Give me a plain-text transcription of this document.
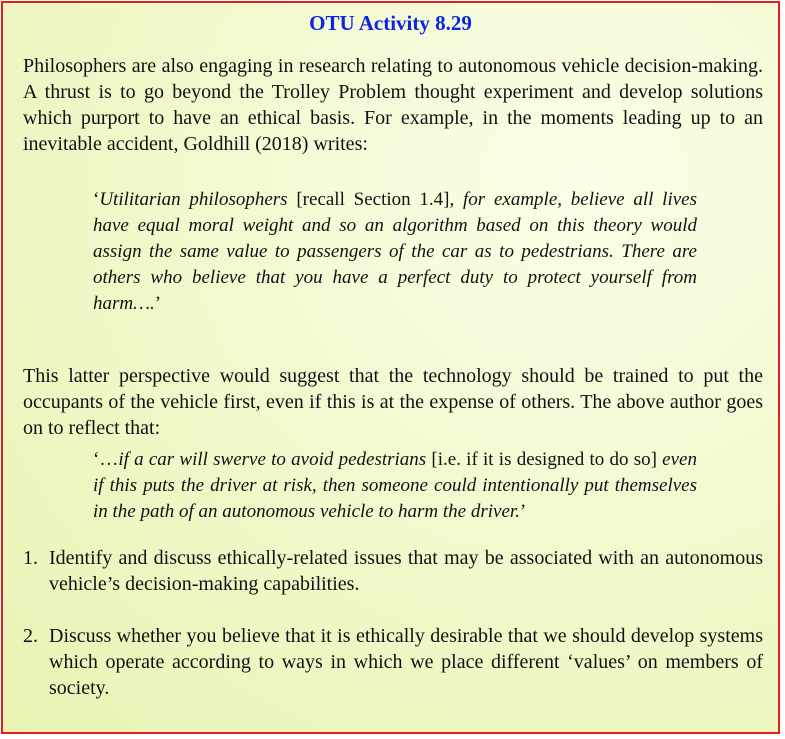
OTU Activity 8.29

Philosophers are also engaging in research relating to autonomous vehicle decision-making. A thrust is to go beyond the Trolley Problem thought experiment and develop solutions which purport to have an ethical basis. For example, in the moments leading up to an inevitable accident, Goldhill (2018) writes:

‘Utilitarian philosophers [recall Section 1.4], for example, believe all lives have equal moral weight and so an algorithm based on this theory would assign the same value to passengers of the car as to pedestrians. There are others who believe that you have a perfect duty to protect yourself from harm….’

This latter perspective would suggest that the technology should be trained to put the occupants of the vehicle first, even if this is at the expense of others. The above author goes on to reflect that:

‘…if a car will swerve to avoid pedestrians [i.e. if it is designed to do so] even if this puts the driver at risk, then someone could intentionally put themselves in the path of an autonomous vehicle to harm the driver.’

1. Identify and discuss ethically-related issues that may be associated with an autonomous vehicle’s decision-making capabilities.
2. Discuss whether you believe that it is ethically desirable that we should develop systems which operate according to ways in which we place different ‘values’ on members of society.
